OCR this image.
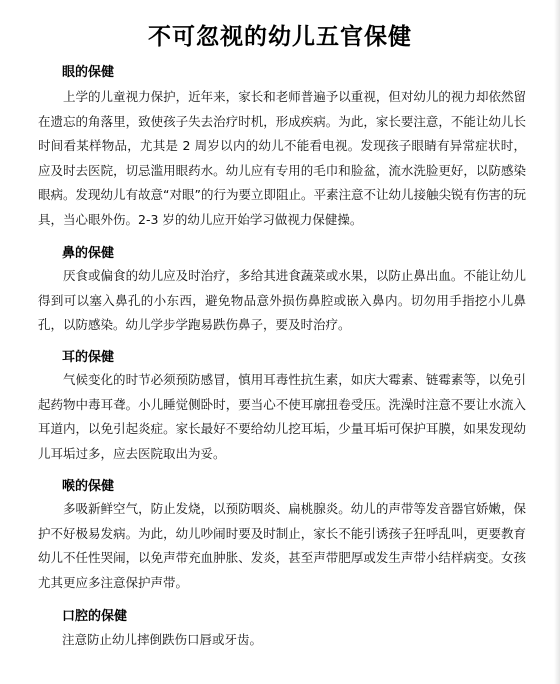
不可忽视的幼儿五官保健
眼的保健
上学的儿童视力保护，近年来，家长和老师普遍予以重视，但对幼儿的视力却依然留在遗忘的角落里，致使孩子失去治疗时机，形成疾病。为此，家长要注意，不能让幼儿长时间看某样物品，尤其是 2 周岁以内的幼儿不能看电视。发现孩子眼睛有异常症状时，应及时去医院，切忌滥用眼药水。幼儿应有专用的毛巾和脸盆，流水洗脸更好，以防感染眼病。发现幼儿有故意“对眼”的行为要立即阻止。平素注意不让幼儿接触尖锐有伤害的玩具，当心眼外伤。2-3 岁的幼儿应开始学习做视力保健操。
鼻的保健
厌食或偏食的幼儿应及时治疗，多给其进食蔬菜或水果，以防止鼻出血。不能让幼儿得到可以塞入鼻孔的小东西，避免物品意外损伤鼻腔或嵌入鼻内。切勿用手指挖小儿鼻孔，以防感染。幼儿学步学跑易跌伤鼻子，要及时治疗。
耳的保健
气候变化的时节必须预防感冒，慎用耳毒性抗生素，如庆大霉素、链霉素等，以免引起药物中毒耳聋。小儿睡觉侧卧时，要当心不使耳廓扭卷受压。洗澡时注意不要让水流入耳道内，以免引起炎症。家长最好不要给幼儿挖耳垢，少量耳垢可保护耳膜，如果发现幼儿耳垢过多，应去医院取出为妥。
喉的保健
多吸新鲜空气，防止发烧，以预防咽炎、扁桃腺炎。幼儿的声带等发音器官娇嫩，保护不好极易发病。为此，幼儿吵闹时要及时制止，家长不能引诱孩子狂呼乱叫，更要教育幼儿不任性哭闹，以免声带充血肿胀、发炎，甚至声带肥厚或发生声带小结样病变。女孩尤其更应多注意保护声带。
口腔的保健
注意防止幼儿摔倒跌伤口唇或牙齿。
